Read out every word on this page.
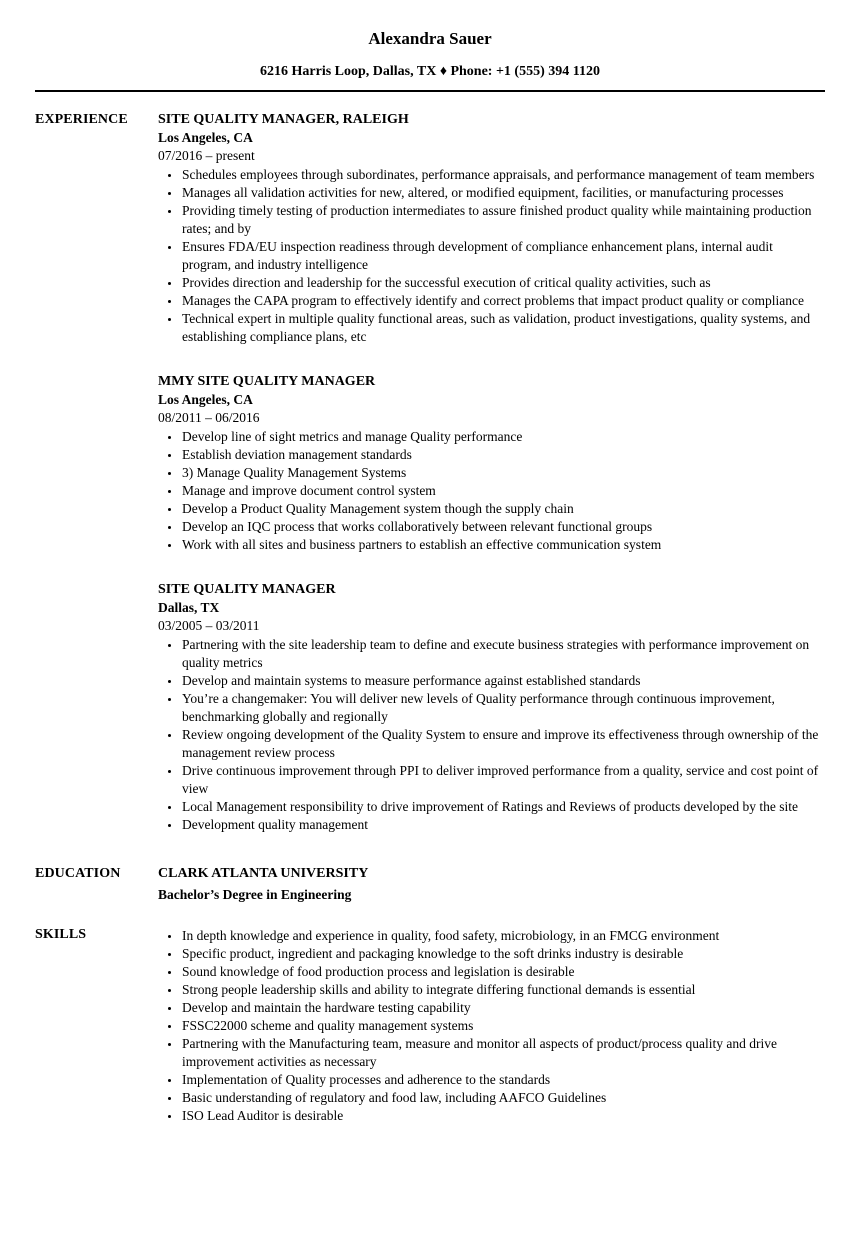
Alexandra Sauer
6216 Harris Loop, Dallas, TX ♦ Phone: +1 (555) 394 1120
EXPERIENCE	SITE QUALITY MANAGER, RALEIGH
Los Angeles, CA
07/2016 – present
• Schedules employees through subordinates, performance appraisals, and performance management of team members
• Manages all validation activities for new, altered, or modified equipment, facilities, or manufacturing processes
• Providing timely testing of production intermediates to assure finished product quality while maintaining production rates; and by
• Ensures FDA/EU inspection readiness through development of compliance enhancement plans, internal audit program, and industry intelligence
• Provides direction and leadership for the successful execution of critical quality activities, such as
• Manages the CAPA program to effectively identify and correct problems that impact product quality or compliance
• Technical expert in multiple quality functional areas, such as validation, product investigations, quality systems, and establishing compliance plans, etc
MMY SITE QUALITY MANAGER
Los Angeles, CA
08/2011 – 06/2016
• Develop line of sight metrics and manage Quality performance
• Establish deviation management standards
• 3) Manage Quality Management Systems
• Manage and improve document control system
• Develop a Product Quality Management system though the supply chain
• Develop an IQC process that works collaboratively between relevant functional groups
• Work with all sites and business partners to establish an effective communication system
SITE QUALITY MANAGER
Dallas, TX
03/2005 – 03/2011
• Partnering with the site leadership team to define and execute business strategies with performance improvement on quality metrics
• Develop and maintain systems to measure performance against established standards
• You’re a changemaker: You will deliver new levels of Quality performance through continuous improvement, benchmarking globally and regionally
• Review ongoing development of the Quality System to ensure and improve its effectiveness through ownership of the management review process
• Drive continuous improvement through PPI to deliver improved performance from a quality, service and cost point of view
• Local Management responsibility to drive improvement of Ratings and Reviews of products developed by the site
• Development quality management
EDUCATION	CLARK ATLANTA UNIVERSITY
Bachelor’s Degree in Engineering
SKILLS	• In depth knowledge and experience in quality, food safety, microbiology, in an FMCG environment
• Specific product, ingredient and packaging knowledge to the soft drinks industry is desirable
• Sound knowledge of food production process and legislation is desirable
• Strong people leadership skills and ability to integrate differing functional demands is essential
• Develop and maintain the hardware testing capability
• FSSC22000 scheme and quality management systems
• Partnering with the Manufacturing team, measure and monitor all aspects of product/process quality and drive improvement activities as necessary
• Implementation of Quality processes and adherence to the standards
• Basic understanding of regulatory and food law, including AAFCO Guidelines
• ISO Lead Auditor is desirable
